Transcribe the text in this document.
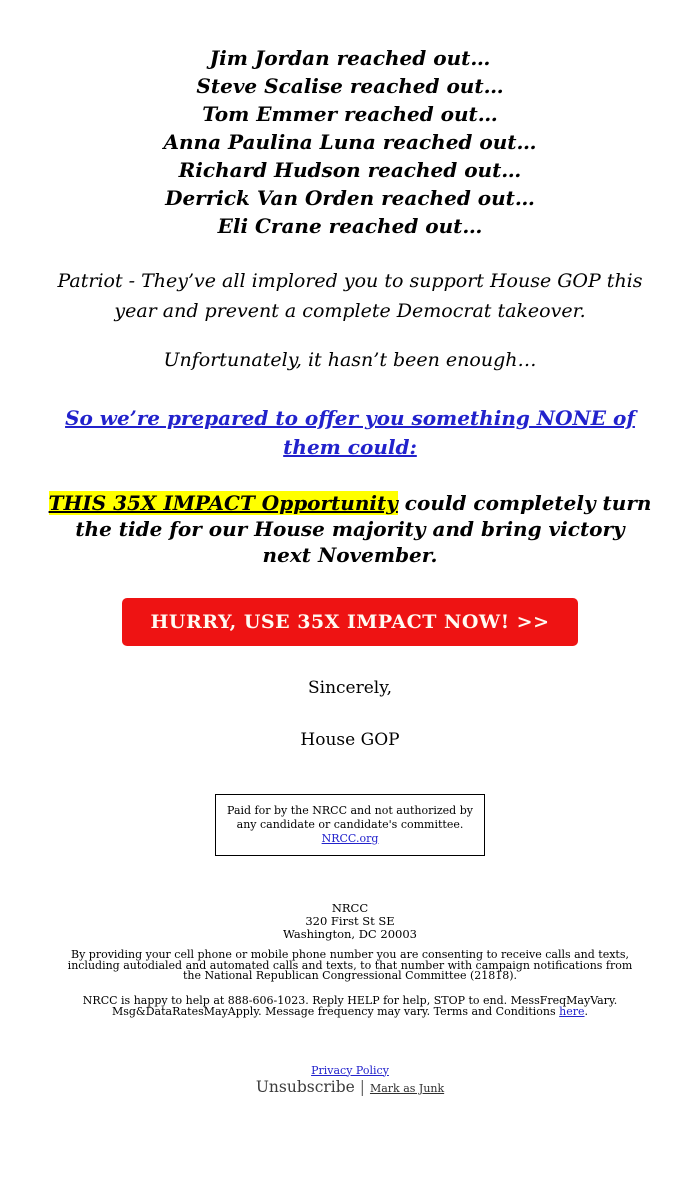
Jim Jordan reached out…
Steve Scalise reached out…
Tom Emmer reached out…
Anna Paulina Luna reached out…
Richard Hudson reached out…
Derrick Van Orden reached out…
Eli Crane reached out…
Patriot - They’ve all implored you to support House GOP this year and prevent a complete Democrat takeover.
Unfortunately, it hasn’t been enough…
So we’re prepared to offer you something NONE of them could:
THIS 35X IMPACT Opportunity could completely turn the tide for our House majority and bring victory next November.
HURRY, USE 35X IMPACT NOW! >>
Sincerely,
House GOP
Paid for by the NRCC and not authorized by any candidate or candidate's committee. NRCC.org
NRCC
320 First St SE
Washington, DC 20003
By providing your cell phone or mobile phone number you are consenting to receive calls and texts, including autodialed and automated calls and texts, to that number with campaign notifications from the National Republican Congressional Committee (21818).
NRCC is happy to help at 888-606-1023. Reply HELP for help, STOP to end. MessFreqMayVary. Msg&DataRatesMayApply. Message frequency may vary. Terms and Conditions here.
Privacy Policy
Unsubscribe | Mark as Junk
